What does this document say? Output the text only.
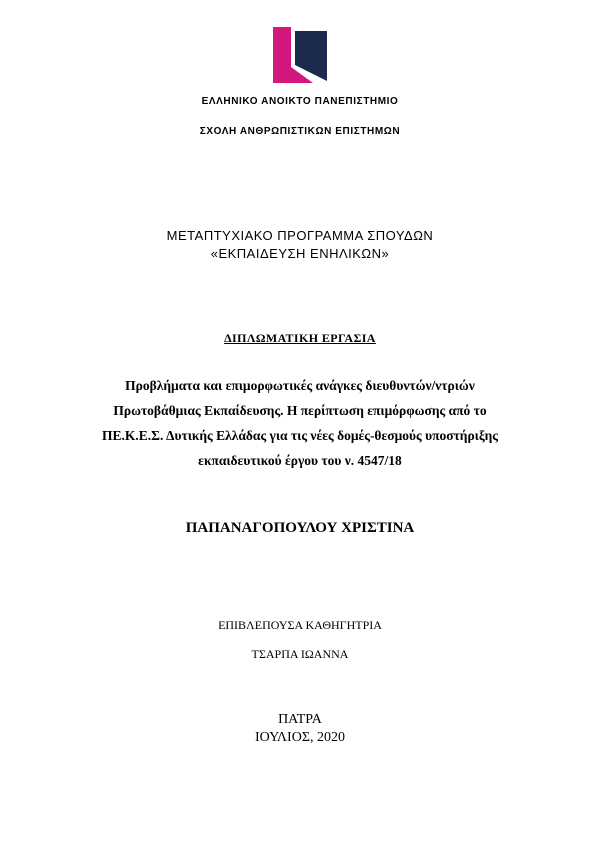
ΕΛΛΗΝΙΚΟ ΑΝΟΙΚΤΟ ΠΑΝΕΠΙΣΤΗΜΙΟ
ΣΧΟΛΗ ΑΝΘΡΩΠΙΣΤΙΚΩΝ ΕΠΙΣΤΗΜΩΝ
ΜΕΤΑΠΤΥΧΙΑΚΟ ΠΡΟΓΡΑΜΜΑ ΣΠΟΥΔΩΝ
«ΕΚΠΑΙΔΕΥΣΗ ΕΝΗΛΙΚΩΝ»
ΔΙΠΛΩΜΑΤΙΚΗ ΕΡΓΑΣΙΑ
Προβλήματα και επιμορφωτικές ανάγκες διευθυντών/ντριών
Πρωτοβάθμιας Εκπαίδευσης. Η περίπτωση επιμόρφωσης από το
ΠΕ.Κ.Ε.Σ. Δυτικής Ελλάδας για τις νέες δομές-θεσμούς υποστήριξης
εκπαιδευτικού έργου του ν. 4547/18
ΠΑΠΑΝΑΓΟΠΟΥΛΟΥ ΧΡΙΣΤΙΝΑ
ΕΠΙΒΛΕΠΟΥΣΑ ΚΑΘΗΓΗΤΡΙΑ
ΤΣΑΡΠΑ ΙΩΑΝΝΑ
ΠΑΤΡΑ
ΙΟΥΛΙΟΣ, 2020
